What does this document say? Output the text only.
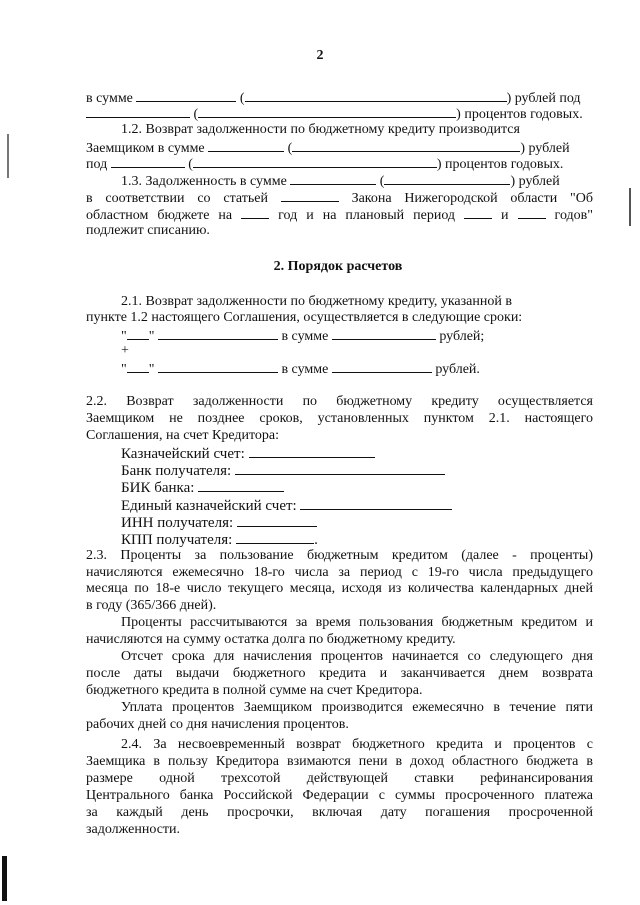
2
в сумме	(	) рублей под
(	) процентов годовых.
1.2. Возврат задолженности по бюджетному кредиту производится
Заемщиком в сумме	(	) рублей
под	(	) процентов годовых.
1.3. Задолженность в сумме	(	) рублей
в соответствии со статьей	Закона Нижегородской области "Об
областном бюджете на	год и на плановый период	и	годов"
подлежит списанию.
2. Порядок расчетов
2.1. Возврат задолженности по бюджетному кредиту, указанной в
пункте 1.2 настоящего Соглашения, осуществляется в следующие сроки:
" "	в сумме	рублей;
+
" "	в сумме	рублей.
2.2. Возврат задолженности по бюджетному кредиту осуществляется
Заемщиком не позднее сроков, установленных пунктом 2.1. настоящего
Соглашения, на счет Кредитора:
Казначейский счет:
Банк получателя:
БИК банка:
Единый казначейский счет:
ИНН получателя:
КПП получателя:	.
2.3. Проценты за пользование бюджетным кредитом (далее - проценты)
начисляются ежемесячно 18-го числа за период с 19-го числа предыдущего
месяца по 18-е число текущего месяца, исходя из количества календарных дней
в году (365/366 дней).
Проценты рассчитываются за время пользования бюджетным кредитом и
начисляются на сумму остатка долга по бюджетному кредиту.
Отсчет срока для начисления процентов начинается со следующего дня
после даты выдачи бюджетного кредита и заканчивается днем возврата
бюджетного кредита в полной сумме на счет Кредитора.
Уплата процентов Заемщиком производится ежемесячно в течение пяти
рабочих дней со дня начисления процентов.
2.4. За несвоевременный возврат бюджетного кредита и процентов с
Заемщика в пользу Кредитора взимаются пени в доход областного бюджета в
размере одной трехсотой действующей ставки рефинансирования
Центрального банка Российской Федерации с суммы просроченного платежа
за каждый день просрочки, включая дату погашения просроченной
задолженности.
